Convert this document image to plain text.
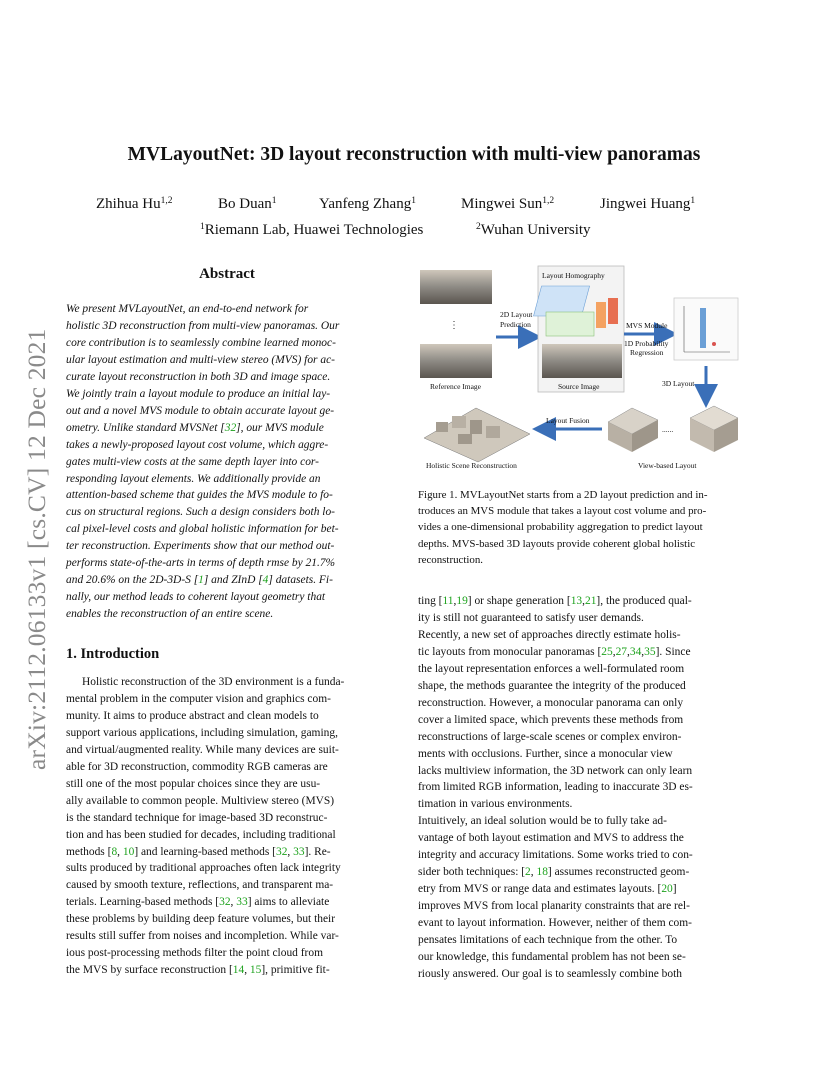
arXiv:2112.06133v1 [cs.CV] 12 Dec 2021
MVLayoutNet: 3D layout reconstruction with multi-view panoramas
Zhihua Hu$^{1,2}$	Bo Duan$^1$	Yanfeng Zhang$^1$	Mingwei Sun$^{1,2}$	Jingwei Huang$^1$
$^1$Riemann Lab, Huawei Technologies	$^2$Wuhan University
Abstract
We present MVLayoutNet, an end-to-end network for
holistic 3D reconstruction from multi-view panoramas. Our
core contribution is to seamlessly combine learned monoc-
ular layout estimation and multi-view stereo (MVS) for ac-
curate layout reconstruction in both 3D and image space.
We jointly train a layout module to produce an initial lay-
out and a novel MVS module to obtain accurate layout ge-
ometry. Unlike standard MVSNet [32], our MVS module
takes a newly-proposed layout cost volume, which aggre-
gates multi-view costs at the same depth layer into cor-
responding layout elements. We additionally provide an
attention-based scheme that guides the MVS module to fo-
cus on structural regions. Such a design considers both lo-
cal pixel-level costs and global holistic information for bet-
ter reconstruction. Experiments show that our method out-
performs state-of-the-arts in terms of depth rmse by 21.7%
and 20.6% on the 2D-3D-S [1] and ZInD [4] datasets. Fi-
nally, our method leads to coherent layout geometry that
enables the reconstruction of an entire scene.
1. Introduction
Holistic reconstruction of the 3D environment is a funda-
mental problem in the computer vision and graphics com-
munity. It aims to produce abstract and clean models to
support various applications, including simulation, gaming,
and virtual/augmented reality. While many devices are suit-
able for 3D reconstruction, commodity RGB cameras are
still one of the most popular choices since they are usu-
ally available to common people. Multiview stereo (MVS)
is the standard technique for image-based 3D reconstruc-
tion and has been studied for decades, including traditional
methods [8, 10] and learning-based methods [32, 33]. Re-
sults produced by traditional approaches often lack integrity
caused by smooth texture, reflections, and transparent ma-
terials. Learning-based methods [32, 33] aims to alleviate
these problems by building deep feature volumes, but their
results still suffer from noises and incompletion. While var-
ious post-processing methods filter the point cloud from
the MVS by surface reconstruction [14, 15], primitive fit-
⋮
Reference Image
2D Layout
Prediction
Layout Homography
Source Image
MVS Module
1D Probability
Regression
3D Layout
......
View-based Layout
Layout Fusion
Holistic Scene Reconstruction
Figure 1. MVLayoutNet starts from a 2D layout prediction and in-
troduces an MVS module that takes a layout cost volume and pro-
vides a one-dimensional probability aggregation to predict layout
depths. MVS-based 3D layouts provide coherent global holistic
reconstruction.
ting [11,19] or shape generation [13,21], the produced qual-
ity is still not guaranteed to satisfy user demands.
Recently, a new set of approaches directly estimate holis-
tic layouts from monocular panoramas [25,27,34,35]. Since
the layout representation enforces a well-formulated room
shape, the methods guarantee the integrity of the produced
reconstruction. However, a monocular panorama can only
cover a limited space, which prevents these methods from
reconstructions of large-scale scenes or complex environ-
ments with occlusions. Further, since a monocular view
lacks multiview information, the 3D network can only learn
from limited RGB information, leading to inaccurate 3D es-
timation in various environments.
Intuitively, an ideal solution would be to fully take ad-
vantage of both layout estimation and MVS to address the
integrity and accuracy limitations. Some works tried to con-
sider both techniques: [2, 18] assumes reconstructed geom-
etry from MVS or range data and estimates layouts. [20]
improves MVS from local planarity constraints that are rel-
evant to layout information. However, neither of them com-
pensates limitations of each technique from the other. To
our knowledge, this fundamental problem has not been se-
riously answered. Our goal is to seamlessly combine both
